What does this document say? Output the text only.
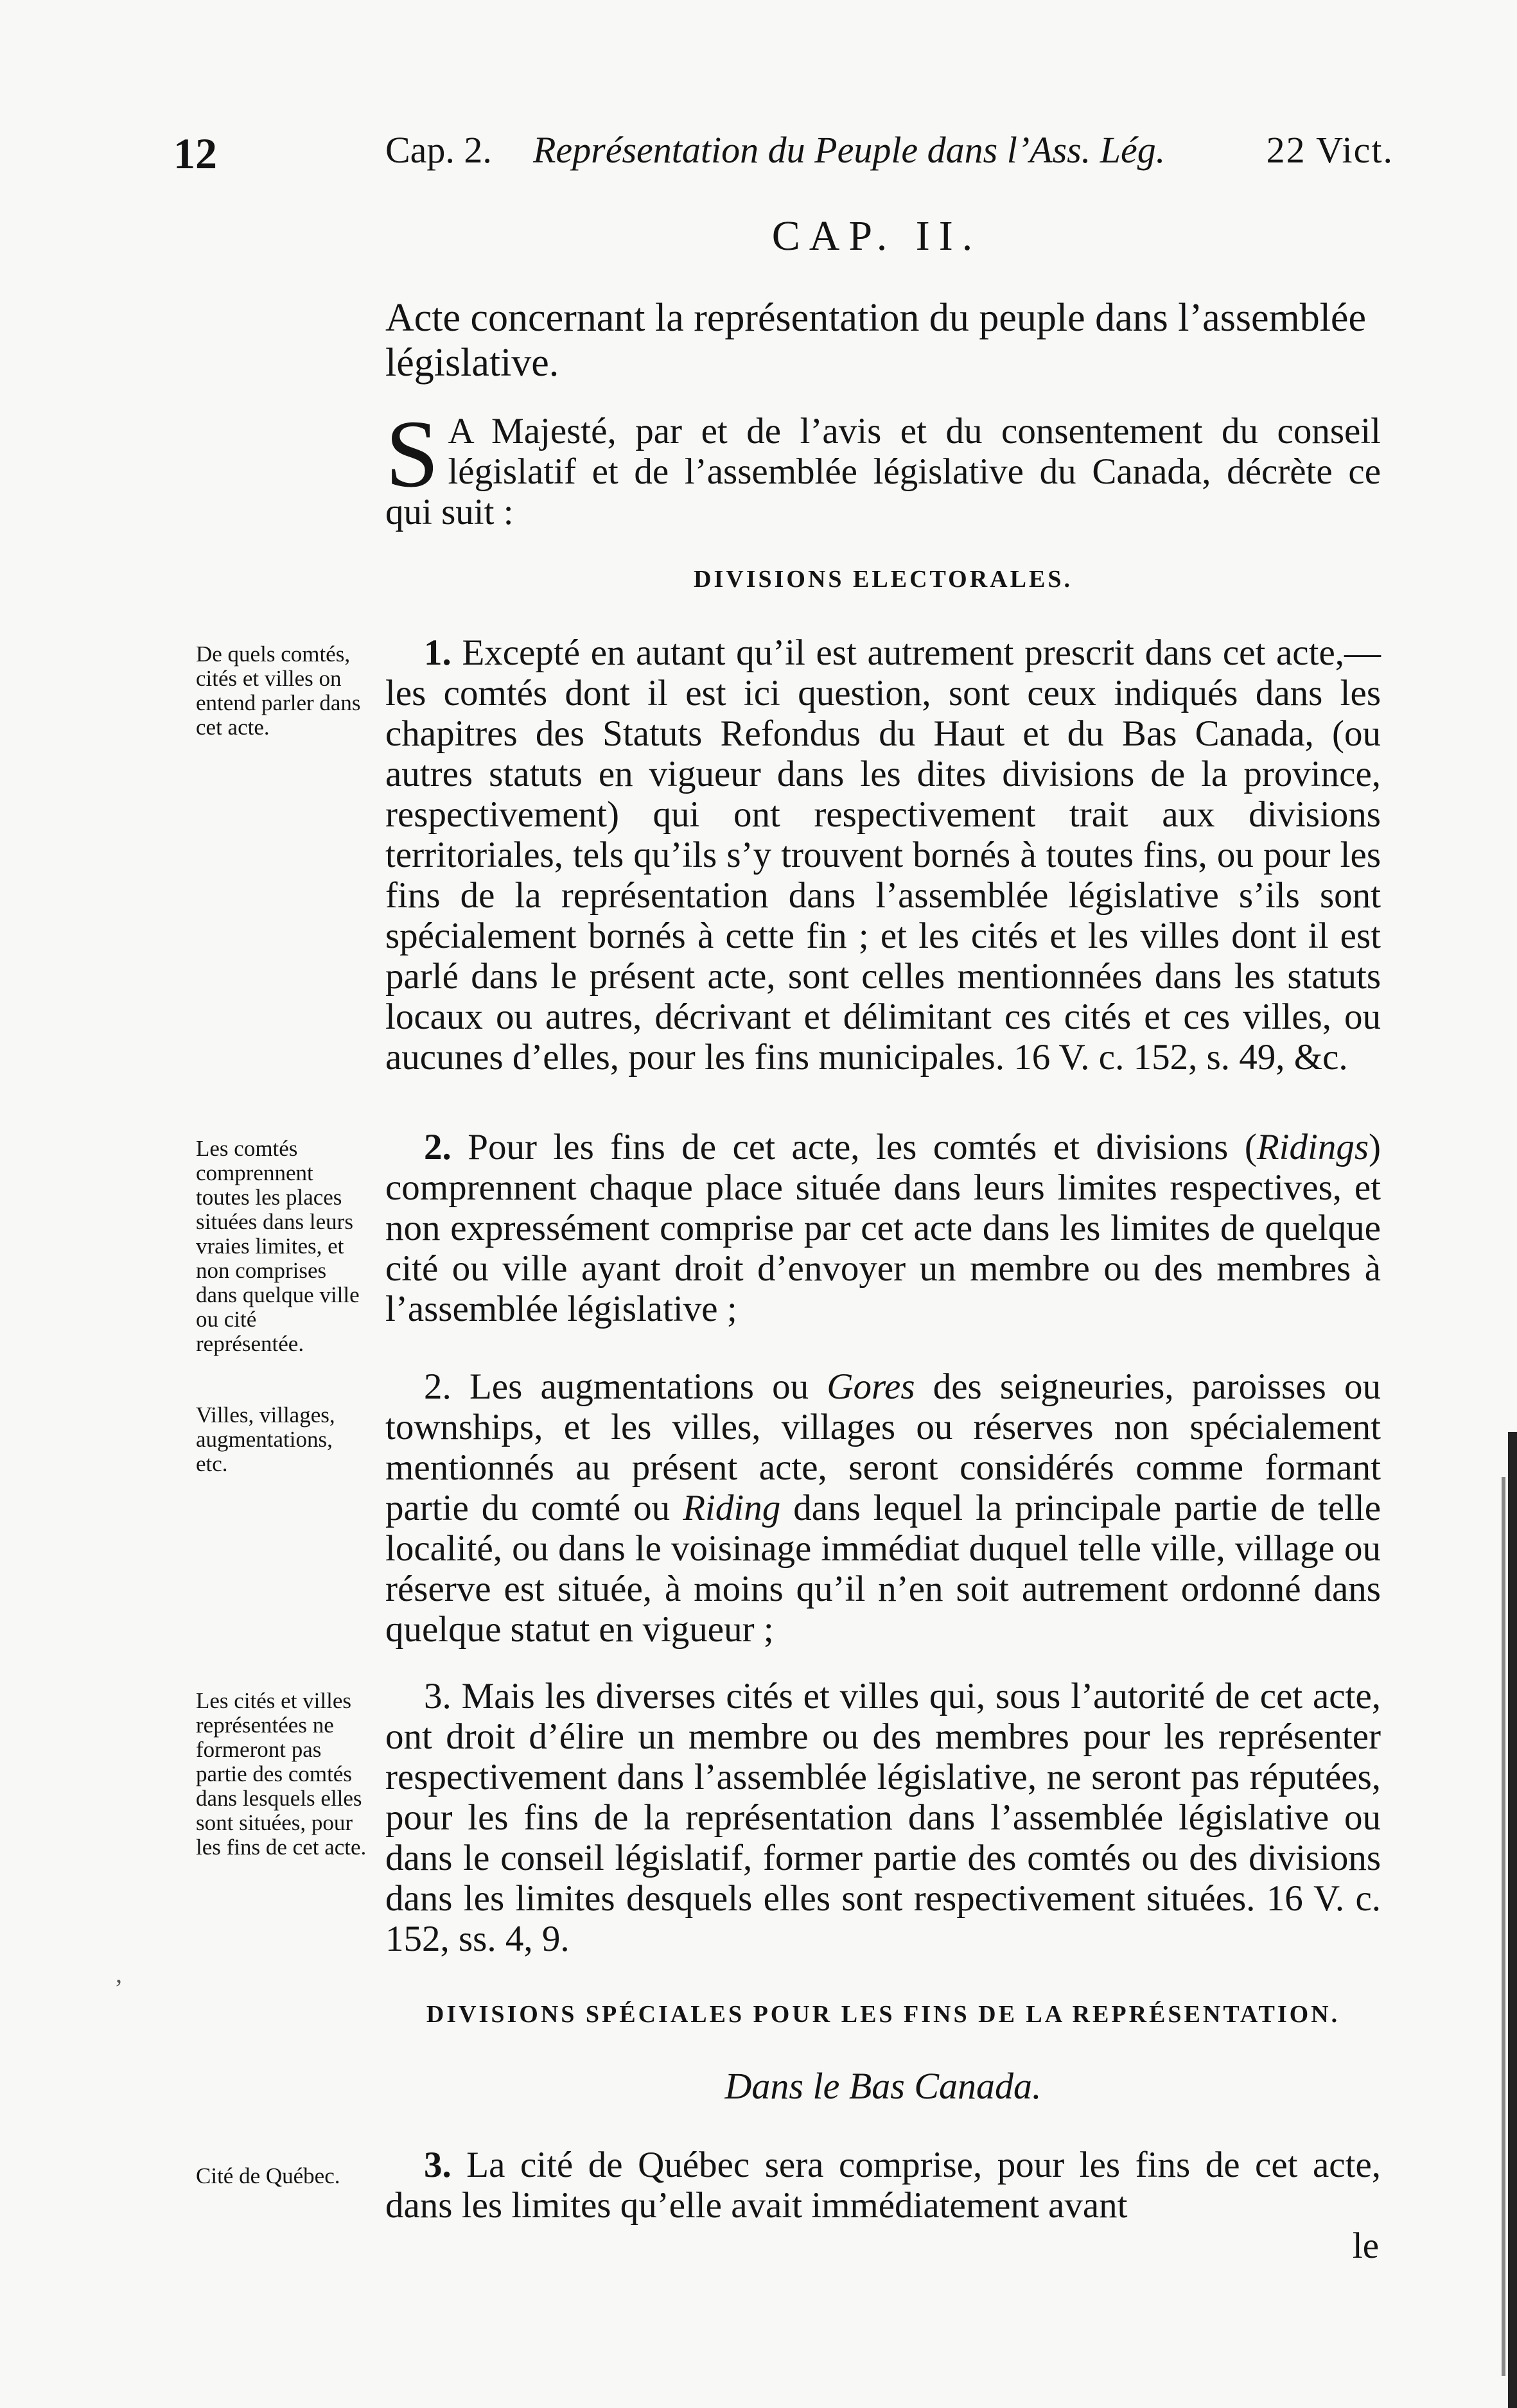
12	Cap. 2. Représentation du Peuple dans l’Ass. Lég.	22 Vict.
CAP. II.
Acte concernant la représentation du peuple dans l’assemblée législative.

S A Majesté, par et de l’avis et du consentement du conseil législatif et de l’assemblée législative du Canada, décrète ce qui suit :

DIVISIONS ELECTORALES.
De quels comtés, cités et villes on entend parler dans cet acte.

1. Excepté en autant qu’il est autrement prescrit dans cet acte,—les comtés dont il est ici question, sont ceux indiqués dans les chapitres des Statuts Refondus du Haut et du Bas Canada, (ou autres statuts en vigueur dans les dites divisions de la province, respectivement) qui ont respectivement trait aux divisions territoriales, tels qu’ils s’y trouvent bornés à toutes fins, ou pour les fins de la représentation dans l’assemblée législative s’ils sont spécialement bornés à cette fin ; et les cités et les villes dont il est parlé dans le présent acte, sont celles mentionnées dans les statuts locaux ou autres, décrivant et délimitant ces cités et ces villes, ou aucunes d’elles, pour les fins municipales. 16 V. c. 152, s. 49, &c.

Les comtés comprennent toutes les places situées dans leurs vraies limites, et non comprises dans quelque ville ou cité représentée.

2. Pour les fins de cet acte, les comtés et divisions (Ridings) comprennent chaque place située dans leurs limites respectives, et non expressément comprise par cet acte dans les limites de quelque cité ou ville ayant droit d’envoyer un membre ou des membres à l’assemblée législative ;

Villes, villages, augmentations, etc.

2. Les augmentations ou Gores des seigneuries, paroisses ou townships, et les villes, villages ou réserves non spécialement mentionnés au présent acte, seront considérés comme formant partie du comté ou Riding dans lequel la principale partie de telle localité, ou dans le voisinage immédiat duquel telle ville, village ou réserve est située, à moins qu’il n’en soit autrement ordonné dans quelque statut en vigueur ;

Les cités et villes représentées ne formeront pas partie des comtés dans lesquels elles sont situées, pour les fins de cet acte.

3. Mais les diverses cités et villes qui, sous l’autorité de cet acte, ont droit d’élire un membre ou des membres pour les représenter respectivement dans l’assemblée législative, ne seront pas réputées, pour les fins de la représentation dans l’assemblée législative ou dans le conseil législatif, former partie des comtés ou des divisions dans les limites desquels elles sont respectivement situées. 16 V. c. 152, ss. 4, 9.

,
DIVISIONS SPÉCIALES POUR LES FINS DE LA REPRÉSENTATION.
Dans le Bas Canada.
Cité de Québec.	3. La cité de Québec sera comprise, pour les fins de cet acte, dans les limites qu’elle avait immédiatement avant

le
